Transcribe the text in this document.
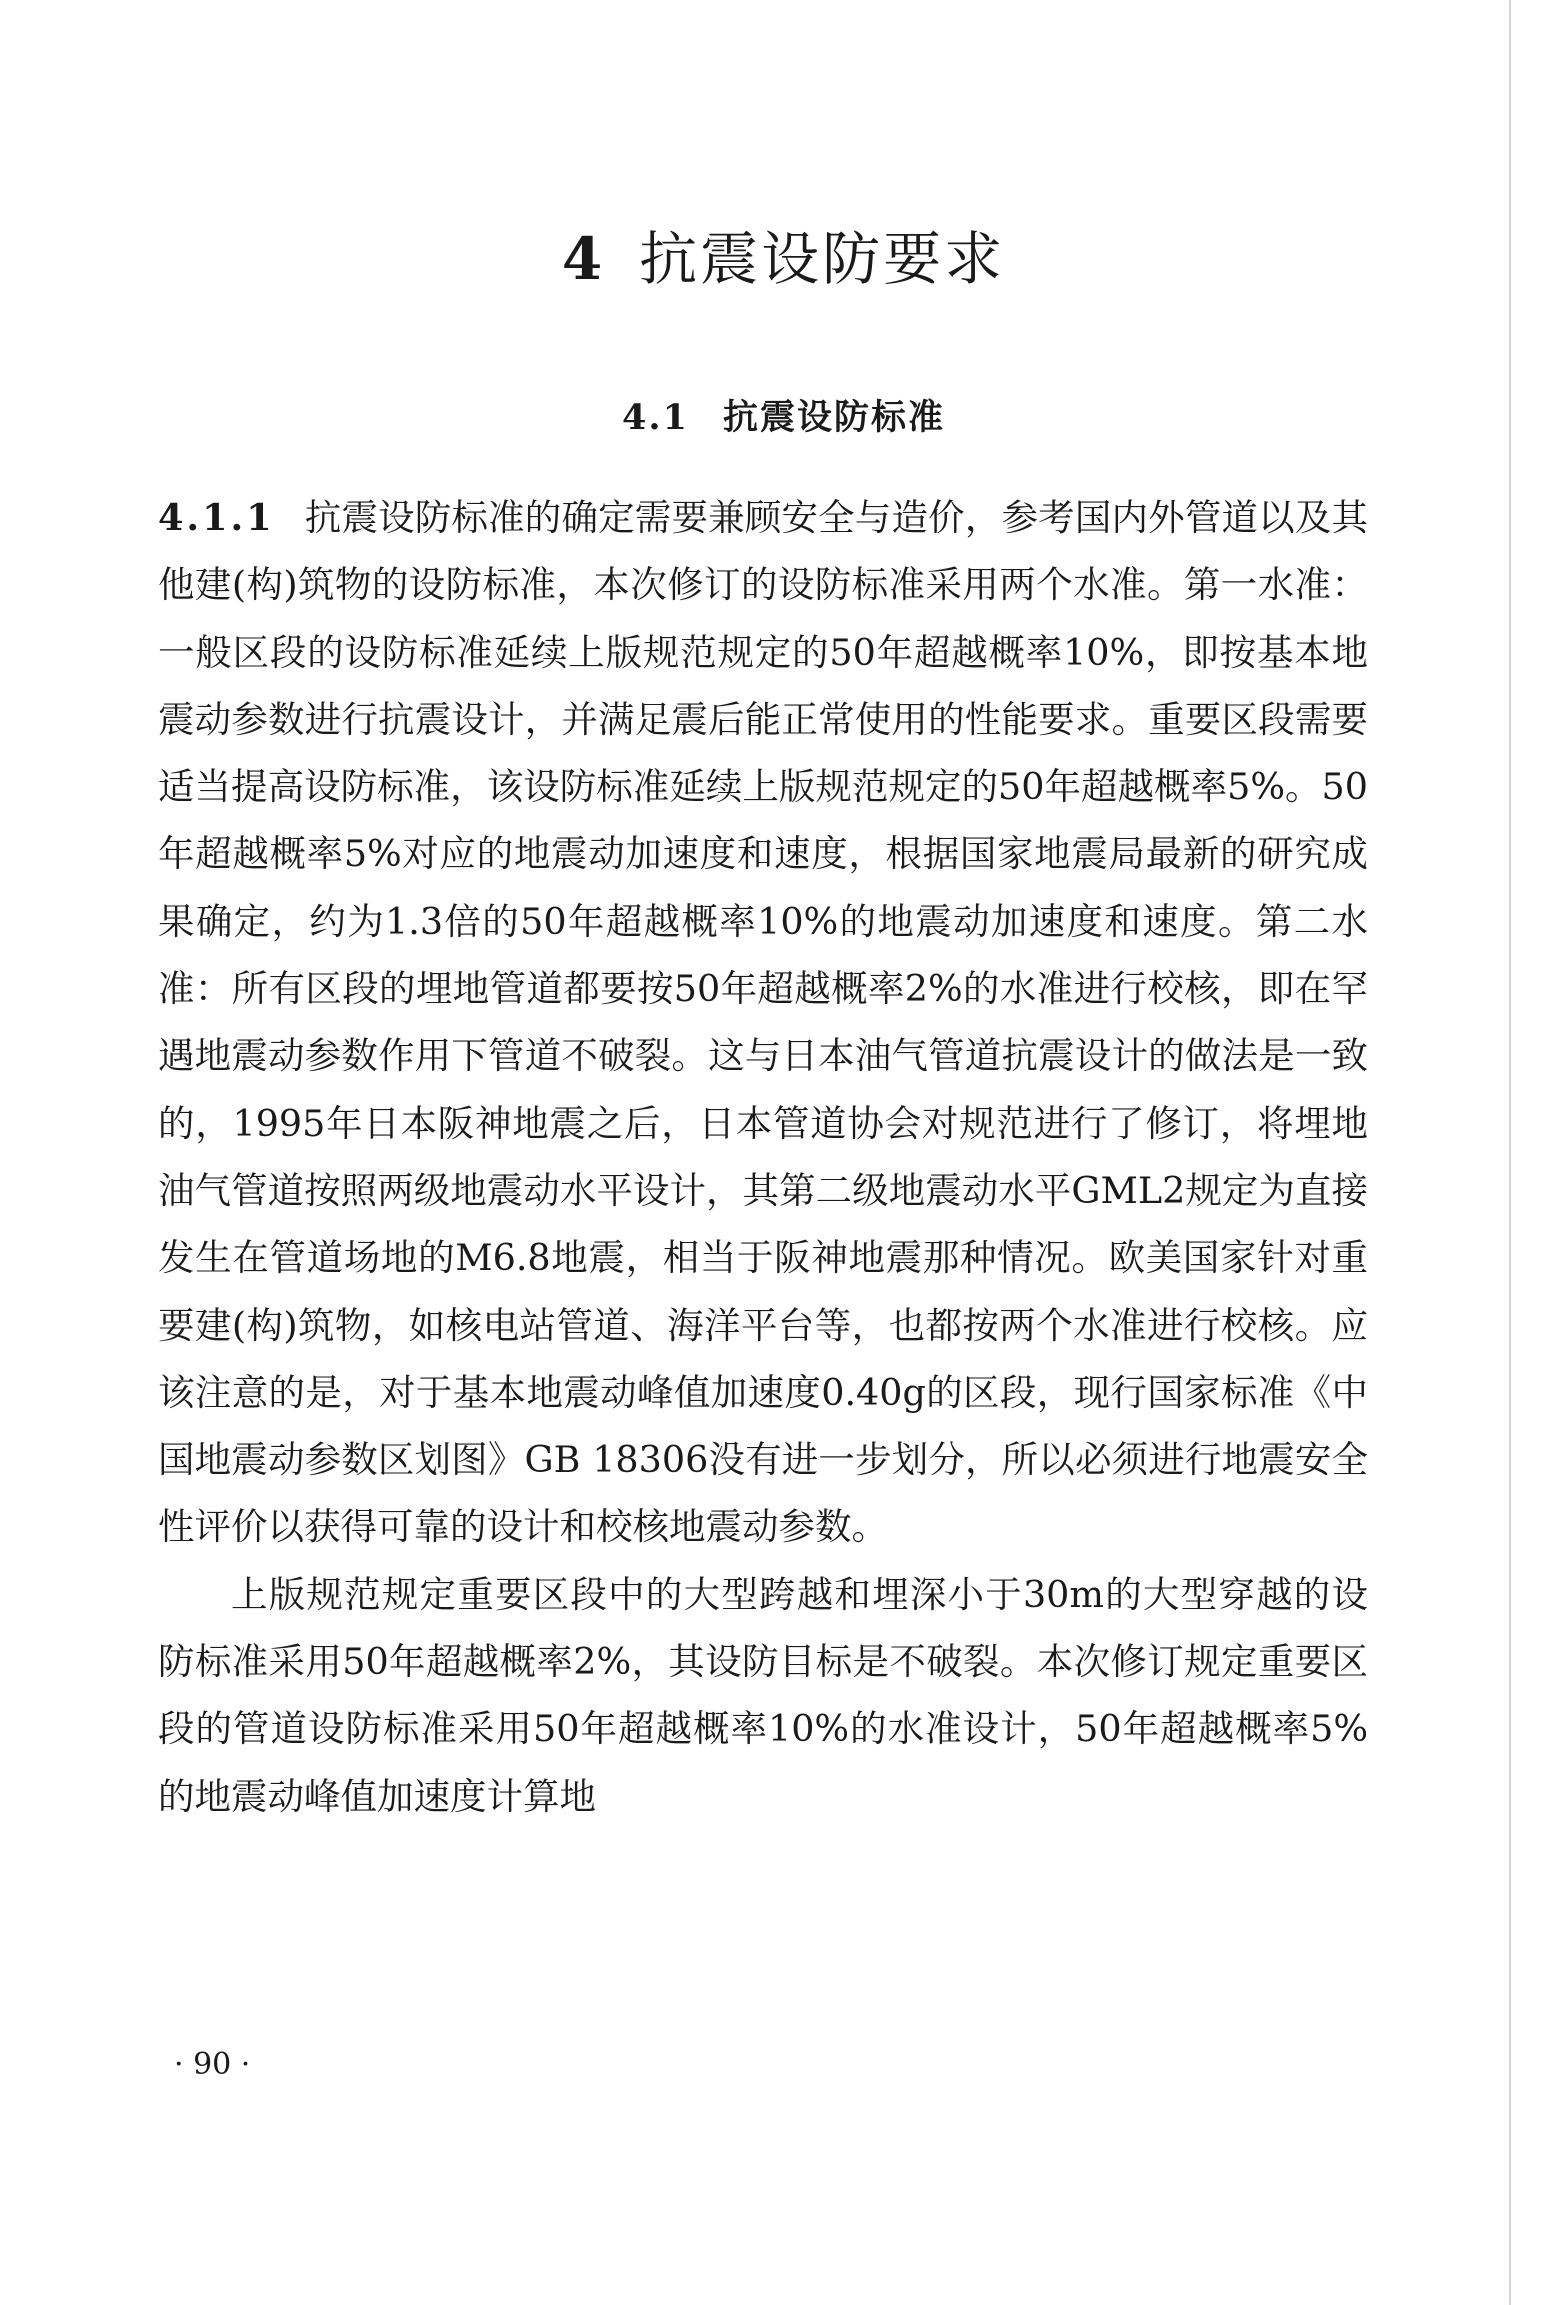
4 抗震设防要求
4.1 抗震设防标准

4.1.1 抗震设防标准的确定需要兼顾安全与造价，参考国内外管道以及其他建(构)筑物的设防标准，本次修订的设防标准采用两个水准。第一水准：一般区段的设防标准延续上版规范规定的50年超越概率10%，即按基本地震动参数进行抗震设计，并满足震后能正常使用的性能要求。重要区段需要适当提高设防标准，该设防标准延续上版规范规定的50年超越概率5%。50年超越概率5%对应的地震动加速度和速度，根据国家地震局最新的研究成果确定，约为1.3倍的50年超越概率10%的地震动加速度和速度。第二水准：所有区段的埋地管道都要按50年超越概率2%的水准进行校核，即在罕遇地震动参数作用下管道不破裂。这与日本油气管道抗震设计的做法是一致的，1995年日本阪神地震之后，日本管道协会对规范进行了修订，将埋地油气管道按照两级地震动水平设计，其第二级地震动水平GML2规定为直接发生在管道场地的M6.8地震，相当于阪神地震那种情况。欧美国家针对重要建(构)筑物，如核电站管道、海洋平台等，也都按两个水准进行校核。应该注意的是，对于基本地震动峰值加速度0.40g的区段，现行国家标准《中国地震动参数区划图》GB 18306没有进一步划分，所以必须进行地震安全性评价以获得可靠的设计和校核地震动参数。

上版规范规定重要区段中的大型跨越和埋深小于30m的大型穿越的设防标准采用50年超越概率2%，其设防目标是不破裂。本次修订规定重要区段的管道设防标准采用50年超越概率10%的水准设计，50年超越概率5%的地震动峰值加速度计算地

· 90 ·
